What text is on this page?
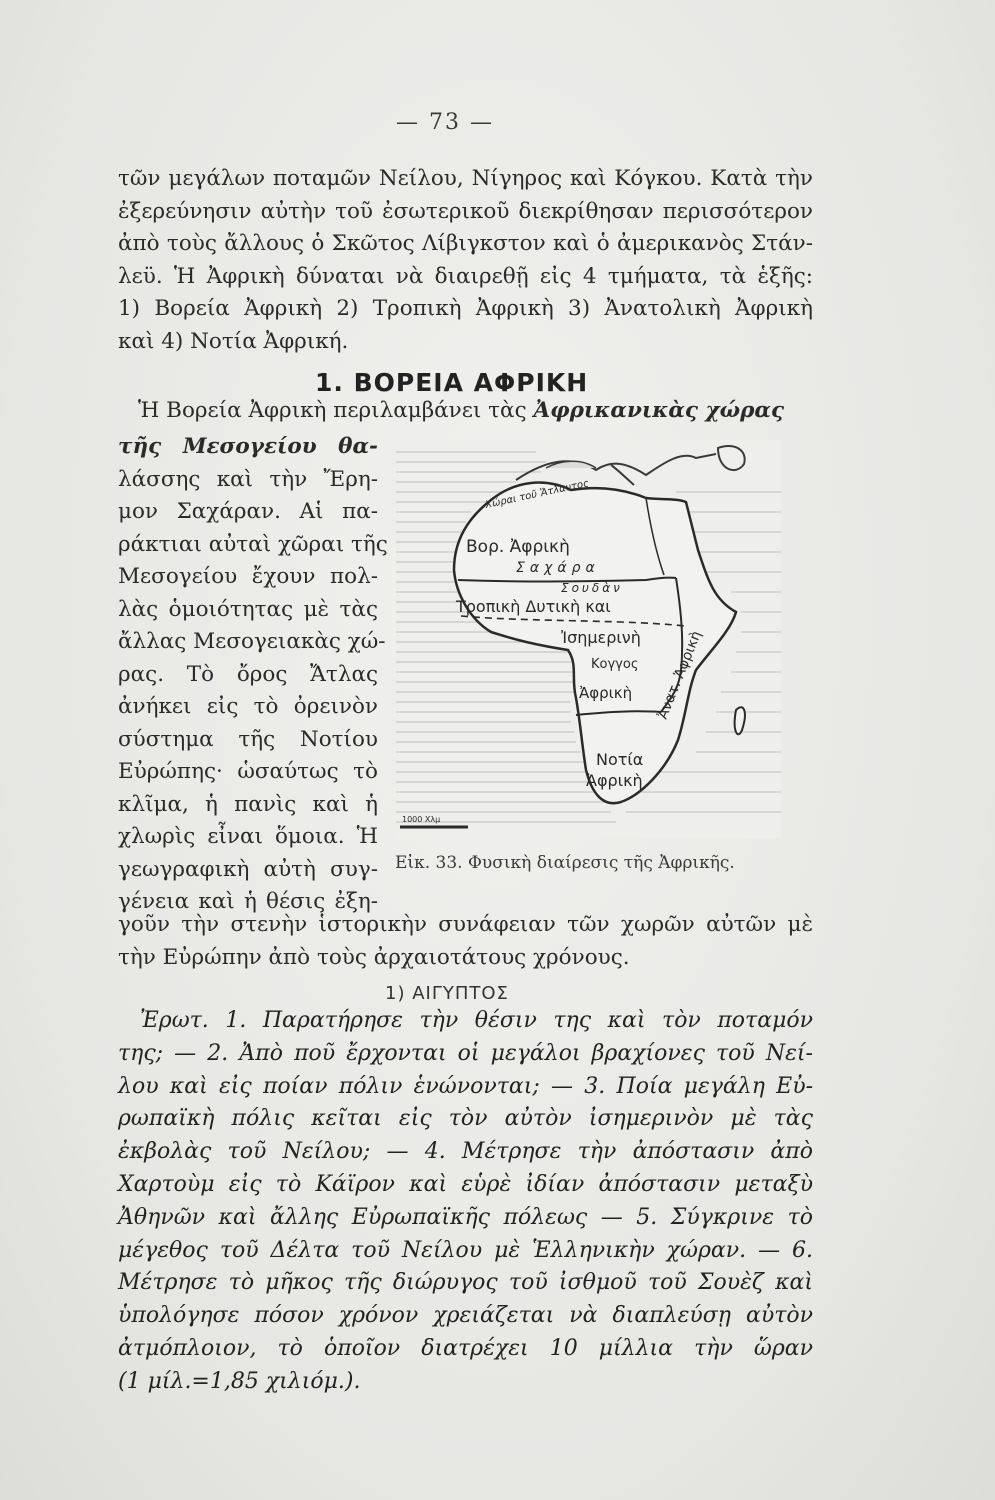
— 73 —
τῶν μεγάλων ποταμῶν Νείλου, Νίγηρος καὶ Κόγκου. Κατὰ τὴν
ἐξερεύνησιν αὐτὴν τοῦ ἐσωτερικοῦ διεκρίθησαν περισσότερον
ἀπὸ τοὺς ἄλλους ὁ Σκῶτος Λίβιγκστον καὶ ὁ ἀμερικανὸς Στάν-
λεϋ. Ἡ Ἀφρικὴ δύναται νὰ διαιρεθῇ εἰς 4 τμήματα, τὰ ἑξῆς:
1) Βορεία Ἀφρικὴ 2) Τροπικὴ Ἀφρικὴ 3) Ἀνατολικὴ Ἀφρικὴ
καὶ 4) Νοτία Ἀφρική.
1. ΒΟΡΕΙΑ ΑΦΡΙΚΗ
Ἡ Βορεία Ἀφρικὴ περιλαμβάνει τὰς Ἀφρικανικὰς χώρας
τῆς Μεσογείου θα-
λάσσης καὶ τὴν Ἔρη-
μον Σαχάραν. Αἱ πα-
ράκτιαι αὐταὶ χῶραι τῆς
Μεσογείου ἔχουν πολ-
λὰς ὁμοιότητας μὲ τὰς
ἄλλας Μεσογειακὰς χώ-
ρας. Τὸ ὄρος Ἄτλας
ἀνήκει εἰς τὸ ὀρεινὸν
σύστημα τῆς Νοτίου
Εὐρώπης· ὡσαύτως τὸ
κλῖμα, ἡ πανὶς καὶ ἡ
χλωρὶς εἶναι ὅμοια. Ἡ
γεωγραφικὴ αὐτὴ συγ-
γένεια καὶ ἡ θέσις ἐξη-
Χώραι τοῦ Ἄτλαντος
Βορ. Ἀφρικὴ
Σαχάρα
Σουδὰν
Τροπικὴ Δυτικὴ και
Ἰσημερινὴ
Κογγος
Ἀφρικὴ Ἀνατ. Ἀφρικὴ
Νοτία
Ἀφρικὴ
1000 Χλμ
Εἰκ. 33. Φυσικὴ διαίρεσις τῆς Ἀφρικῆς.
γοῦν τὴν στενὴν ἱστορικὴν συνάφειαν τῶν χωρῶν αὐτῶν μὲ
τὴν Εὐρώπην ἀπὸ τοὺς ἀρχαιοτάτους χρόνους.
1) ΑΙΓΥΠΤΟΣ
Ἐρωτ. 1. Παρατήρησε τὴν θέσιν της καὶ τὸν ποταμόν
της; — 2. Ἀπὸ ποῦ ἔρχονται οἱ μεγάλοι βραχίονες τοῦ Νεί-
λου καὶ εἰς ποίαν πόλιν ἑνώνονται; — 3. Ποία μεγάλη Εὐ-
ρωπαϊκὴ πόλις κεῖται εἰς τὸν αὐτὸν ἰσημερινὸν μὲ τὰς
ἐκβολὰς τοῦ Νείλου; — 4. Μέτρησε τὴν ἀπόστασιν ἀπὸ
Χαρτοὺμ εἰς τὸ Κάϊρον καὶ εὑρὲ ἰδίαν ἀπόστασιν μεταξὺ
Ἀθηνῶν καὶ ἄλλης Εὐρωπαϊκῆς πόλεως — 5. Σύγκρινε τὸ
μέγεθος τοῦ Δέλτα τοῦ Νείλου μὲ Ἑλληνικὴν χώραν. — 6.
Μέτρησε τὸ μῆκος τῆς διώρυγος τοῦ ἰσθμοῦ τοῦ Σουὲζ καὶ
ὑπολόγησε πόσον χρόνον χρειάζεται νὰ διαπλεύσῃ αὐτὸν
ἀτμόπλοιον, τὸ ὁποῖον διατρέχει 10 μίλλια τὴν ὥραν
(1 μίλ.=1,85 χιλιόμ.).
